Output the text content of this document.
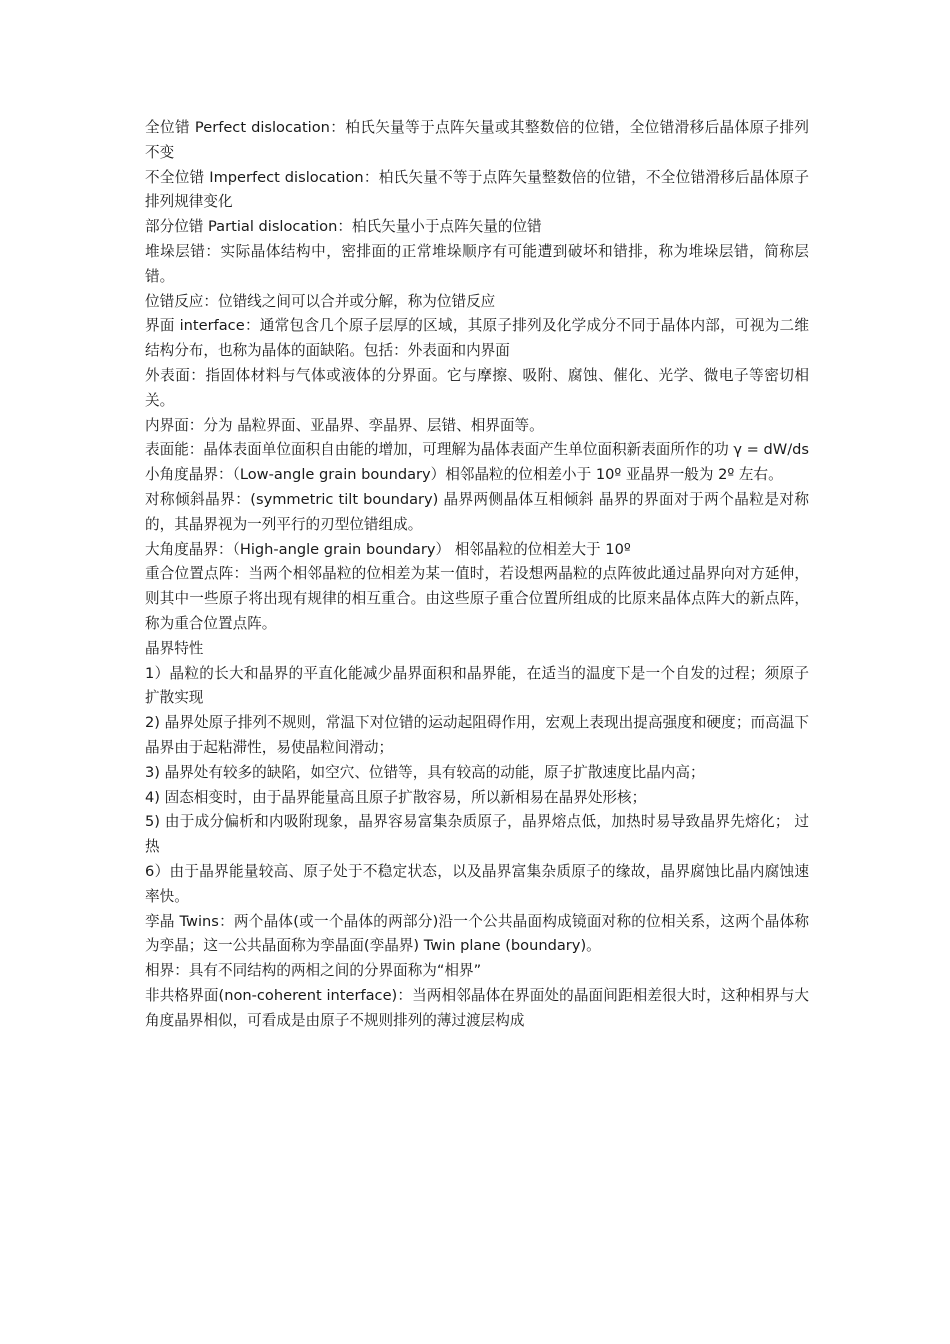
全位错 Perfect dislocation：柏氏矢量等于点阵矢量或其整数倍的位错，全位错滑移后晶体原子排列不变

不全位错 Imperfect dislocation：柏氏矢量不等于点阵矢量整数倍的位错，不全位错滑移后晶体原子排列规律变化

部分位错 Partial dislocation：柏氏矢量小于点阵矢量的位错

堆垛层错：实际晶体结构中，密排面的正常堆垛顺序有可能遭到破坏和错排，称为堆垛层错，简称层错。

位错反应：位错线之间可以合并或分解，称为位错反应

界面 interface：通常包含几个原子层厚的区域，其原子排列及化学成分不同于晶体内部，可视为二维结构分布，也称为晶体的面缺陷。包括：外表面和内界面

外表面：指固体材料与气体或液体的分界面。它与摩擦、吸附、腐蚀、催化、光学、微电子等密切相关。

内界面：分为 晶粒界面、亚晶界、孪晶界、层错、相界面等。

表面能：晶体表面单位面积自由能的增加，可理解为晶体表面产生单位面积新表面所作的功 γ = dW/ds

小角度晶界：（Low-angle grain boundary）相邻晶粒的位相差小于 10º 亚晶界一般为 2º 左右。

对称倾斜晶界：(symmetric tilt boundary) 晶界两侧晶体互相倾斜 晶界的界面对于两个晶粒是对称的，其晶界视为一列平行的刃型位错组成。

大角度晶界：（High-angle grain boundary） 相邻晶粒的位相差大于 10º

重合位置点阵：当两个相邻晶粒的位相差为某一值时，若设想两晶粒的点阵彼此通过晶界向对方延伸，则其中一些原子将出现有规律的相互重合。由这些原子重合位置所组成的比原来晶体点阵大的新点阵，称为重合位置点阵。

晶界特性

1）晶粒的长大和晶界的平直化能减少晶界面积和晶界能，在适当的温度下是一个自发的过程；须原子扩散实现

2) 晶界处原子排列不规则，常温下对位错的运动起阻碍作用，宏观上表现出提高强度和硬度；而高温下晶界由于起粘滞性，易使晶粒间滑动；

3) 晶界处有较多的缺陷，如空穴、位错等，具有较高的动能，原子扩散速度比晶内高；

4) 固态相变时，由于晶界能量高且原子扩散容易，所以新相易在晶界处形核；

5) 由于成分偏析和内吸附现象，晶界容易富集杂质原子，晶界熔点低，加热时易导致晶界先熔化； 过热

6）由于晶界能量较高、原子处于不稳定状态，以及晶界富集杂质原子的缘故，晶界腐蚀比晶内腐蚀速率快。

孪晶 Twins：两个晶体(或一个晶体的两部分)沿一个公共晶面构成镜面对称的位相关系，这两个晶体称为孪晶；这一公共晶面称为孪晶面(孪晶界) Twin plane (boundary)。

相界：具有不同结构的两相之间的分界面称为“相界”

非共格界面(non-coherent interface)：当两相邻晶体在界面处的晶面间距相差很大时，这种相界与大角度晶界相似，可看成是由原子不规则排列的薄过渡层构成
